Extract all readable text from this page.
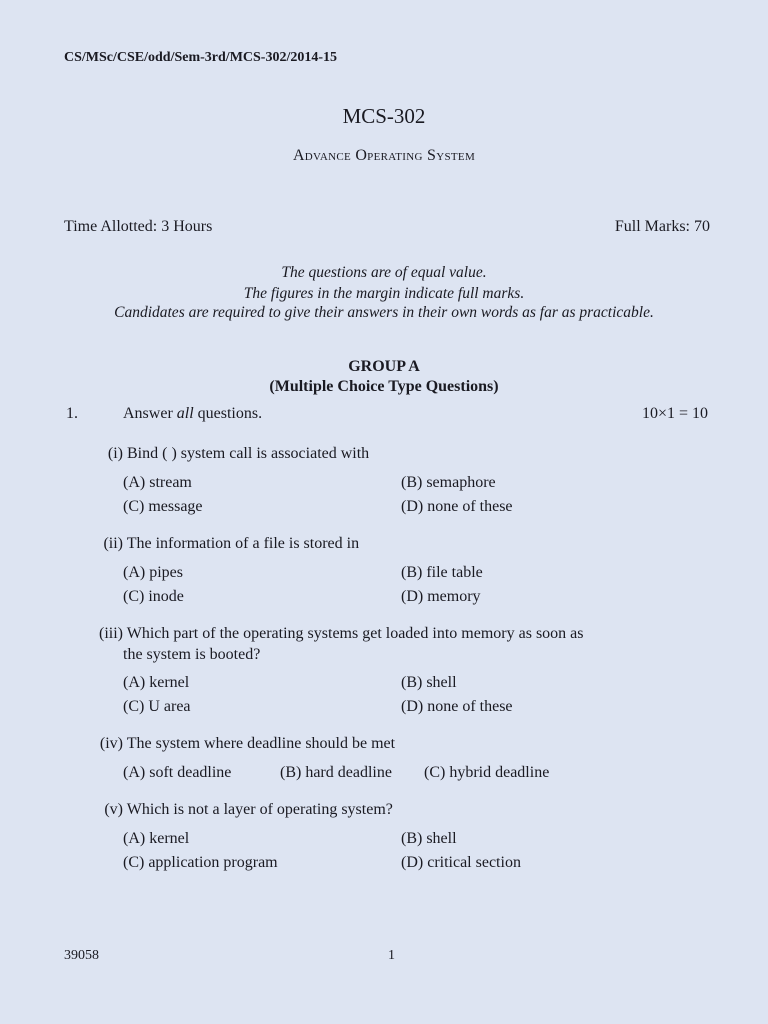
CS/MSc/CSE/odd/Sem-3rd/MCS-302/2014-15
MCS-302
Advance Operating System
Time Allotted: 3 Hours	Full Marks: 70
The questions are of equal value.
The figures in the margin indicate full marks.
Candidates are required to give their answers in their own words as far as practicable.
GROUP A
(Multiple Choice Type Questions)
1.	Answer all questions.	10×1 = 10
(i) Bind ( ) system call is associated with
(A) stream	(B) semaphore
(C) message	(D) none of these
(ii) The information of a file is stored in
(A) pipes	(B) file table
(C) inode	(D) memory
(iii) Which part of the operating systems get loaded into memory as soon as
the system is booted?
(A) kernel	(B) shell
(C) U area	(D) none of these
(iv) The system where deadline should be met
(A) soft deadline	(B) hard deadline (C) hybrid deadline
(v) Which is not a layer of operating system?
(A) kernel	(B) shell
(C) application program	(D) critical section
39058	1
